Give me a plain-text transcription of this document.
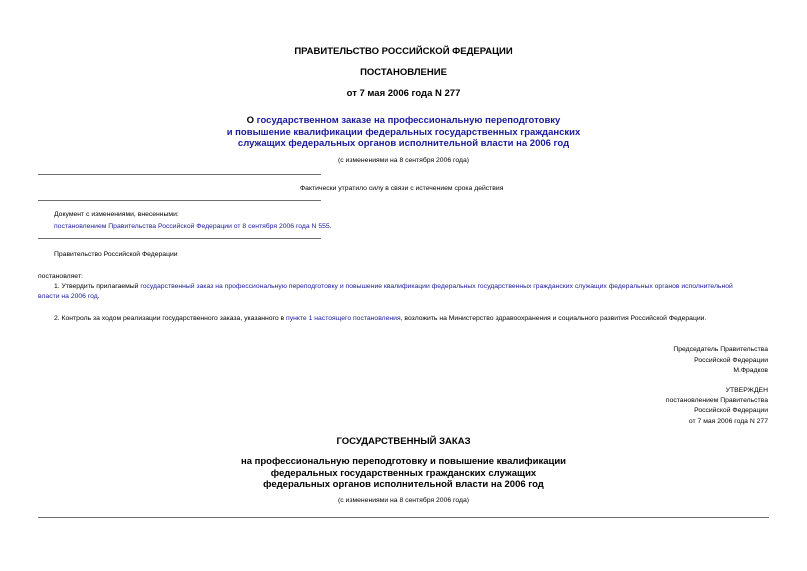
ПРАВИТЕЛЬСТВО РОССИЙСКОЙ ФЕДЕРАЦИИ
ПОСТАНОВЛЕНИЕ
от 7 мая 2006 года N 277
О государственном заказе на профессиональную переподготовку
и повышение квалификации федеральных государственных гражданских
служащих федеральных органов исполнительной власти на 2006 год
(с изменениями на 8 сентября 2006 года)
Фактически утратило силу в связи с истечением срока действия
Документ с изменениями, внесенными:
постановлением Правительства Российской Федерации от 8 сентября 2006 года N 555.
Правительство Российской Федерации
постановляет:
1. Утвердить прилагаемый государственный заказ на профессиональную переподготовку и повышение квалификации федеральных государственных гражданских служащих федеральных органов исполнительной
власти на 2006 год.
2. Контроль за ходом реализации государственного заказа, указанного в пункте 1 настоящего постановления, возложить на Министерство здравоохранения и социального развития Российской Федерации.
Председатель Правительства
Российской Федерации
М.Фрадков
УТВЕРЖДЕН
постановлением Правительства
Российской Федерации
от 7 мая 2006 года N 277
ГОСУДАРСТВЕННЫЙ ЗАКАЗ
на профессиональную переподготовку и повышение квалификации
федеральных государственных гражданских служащих
федеральных органов исполнительной власти на 2006 год
(с изменениями на 8 сентября 2006 года)
